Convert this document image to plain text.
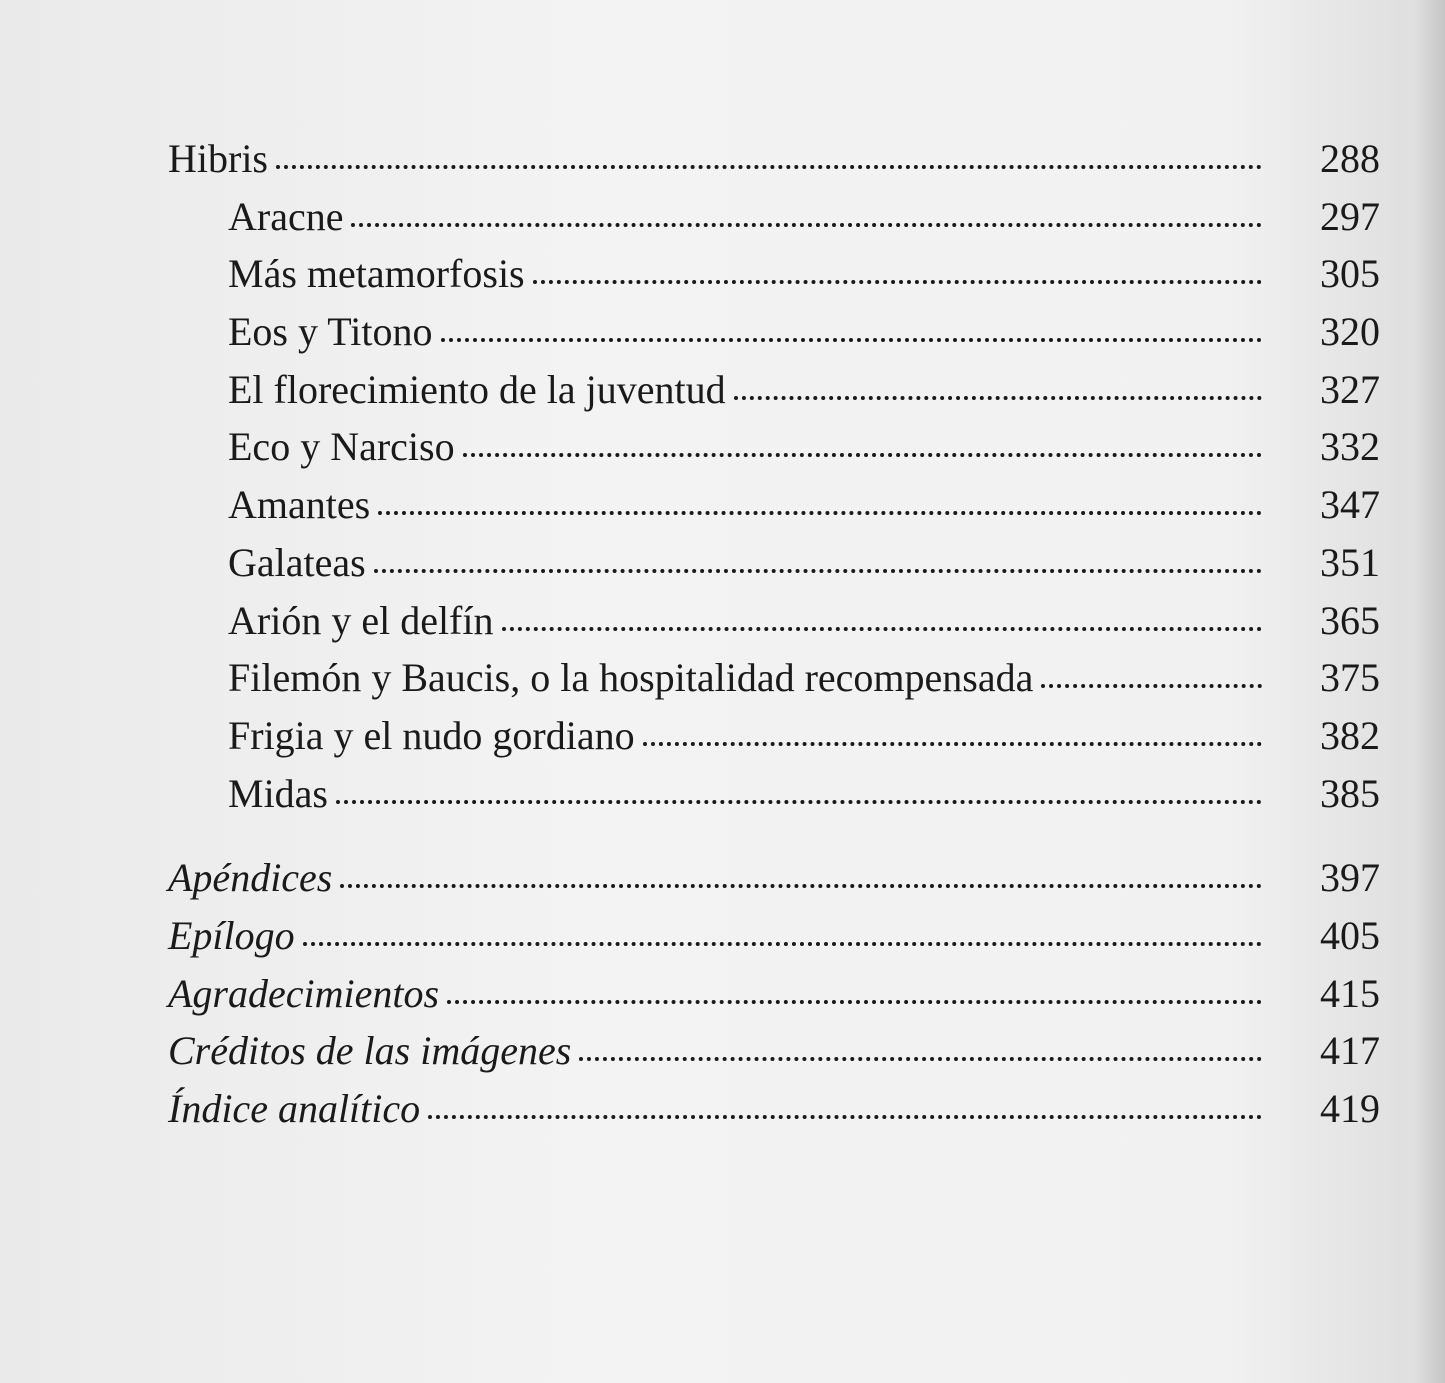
Hibris	288
Aracne	297
Más metamorfosis	305
Eos y Titono	320
El florecimiento de la juventud	327
Eco y Narciso	332
Amantes	347
Galateas	351
Arión y el delfín	365
Filemón y Baucis, o la hospitalidad recompensada	375
Frigia y el nudo gordiano	382
Midas	385
Apéndices	397
Epílogo	405
Agradecimientos	415
Créditos de las imágenes	417
Índice analítico	419
